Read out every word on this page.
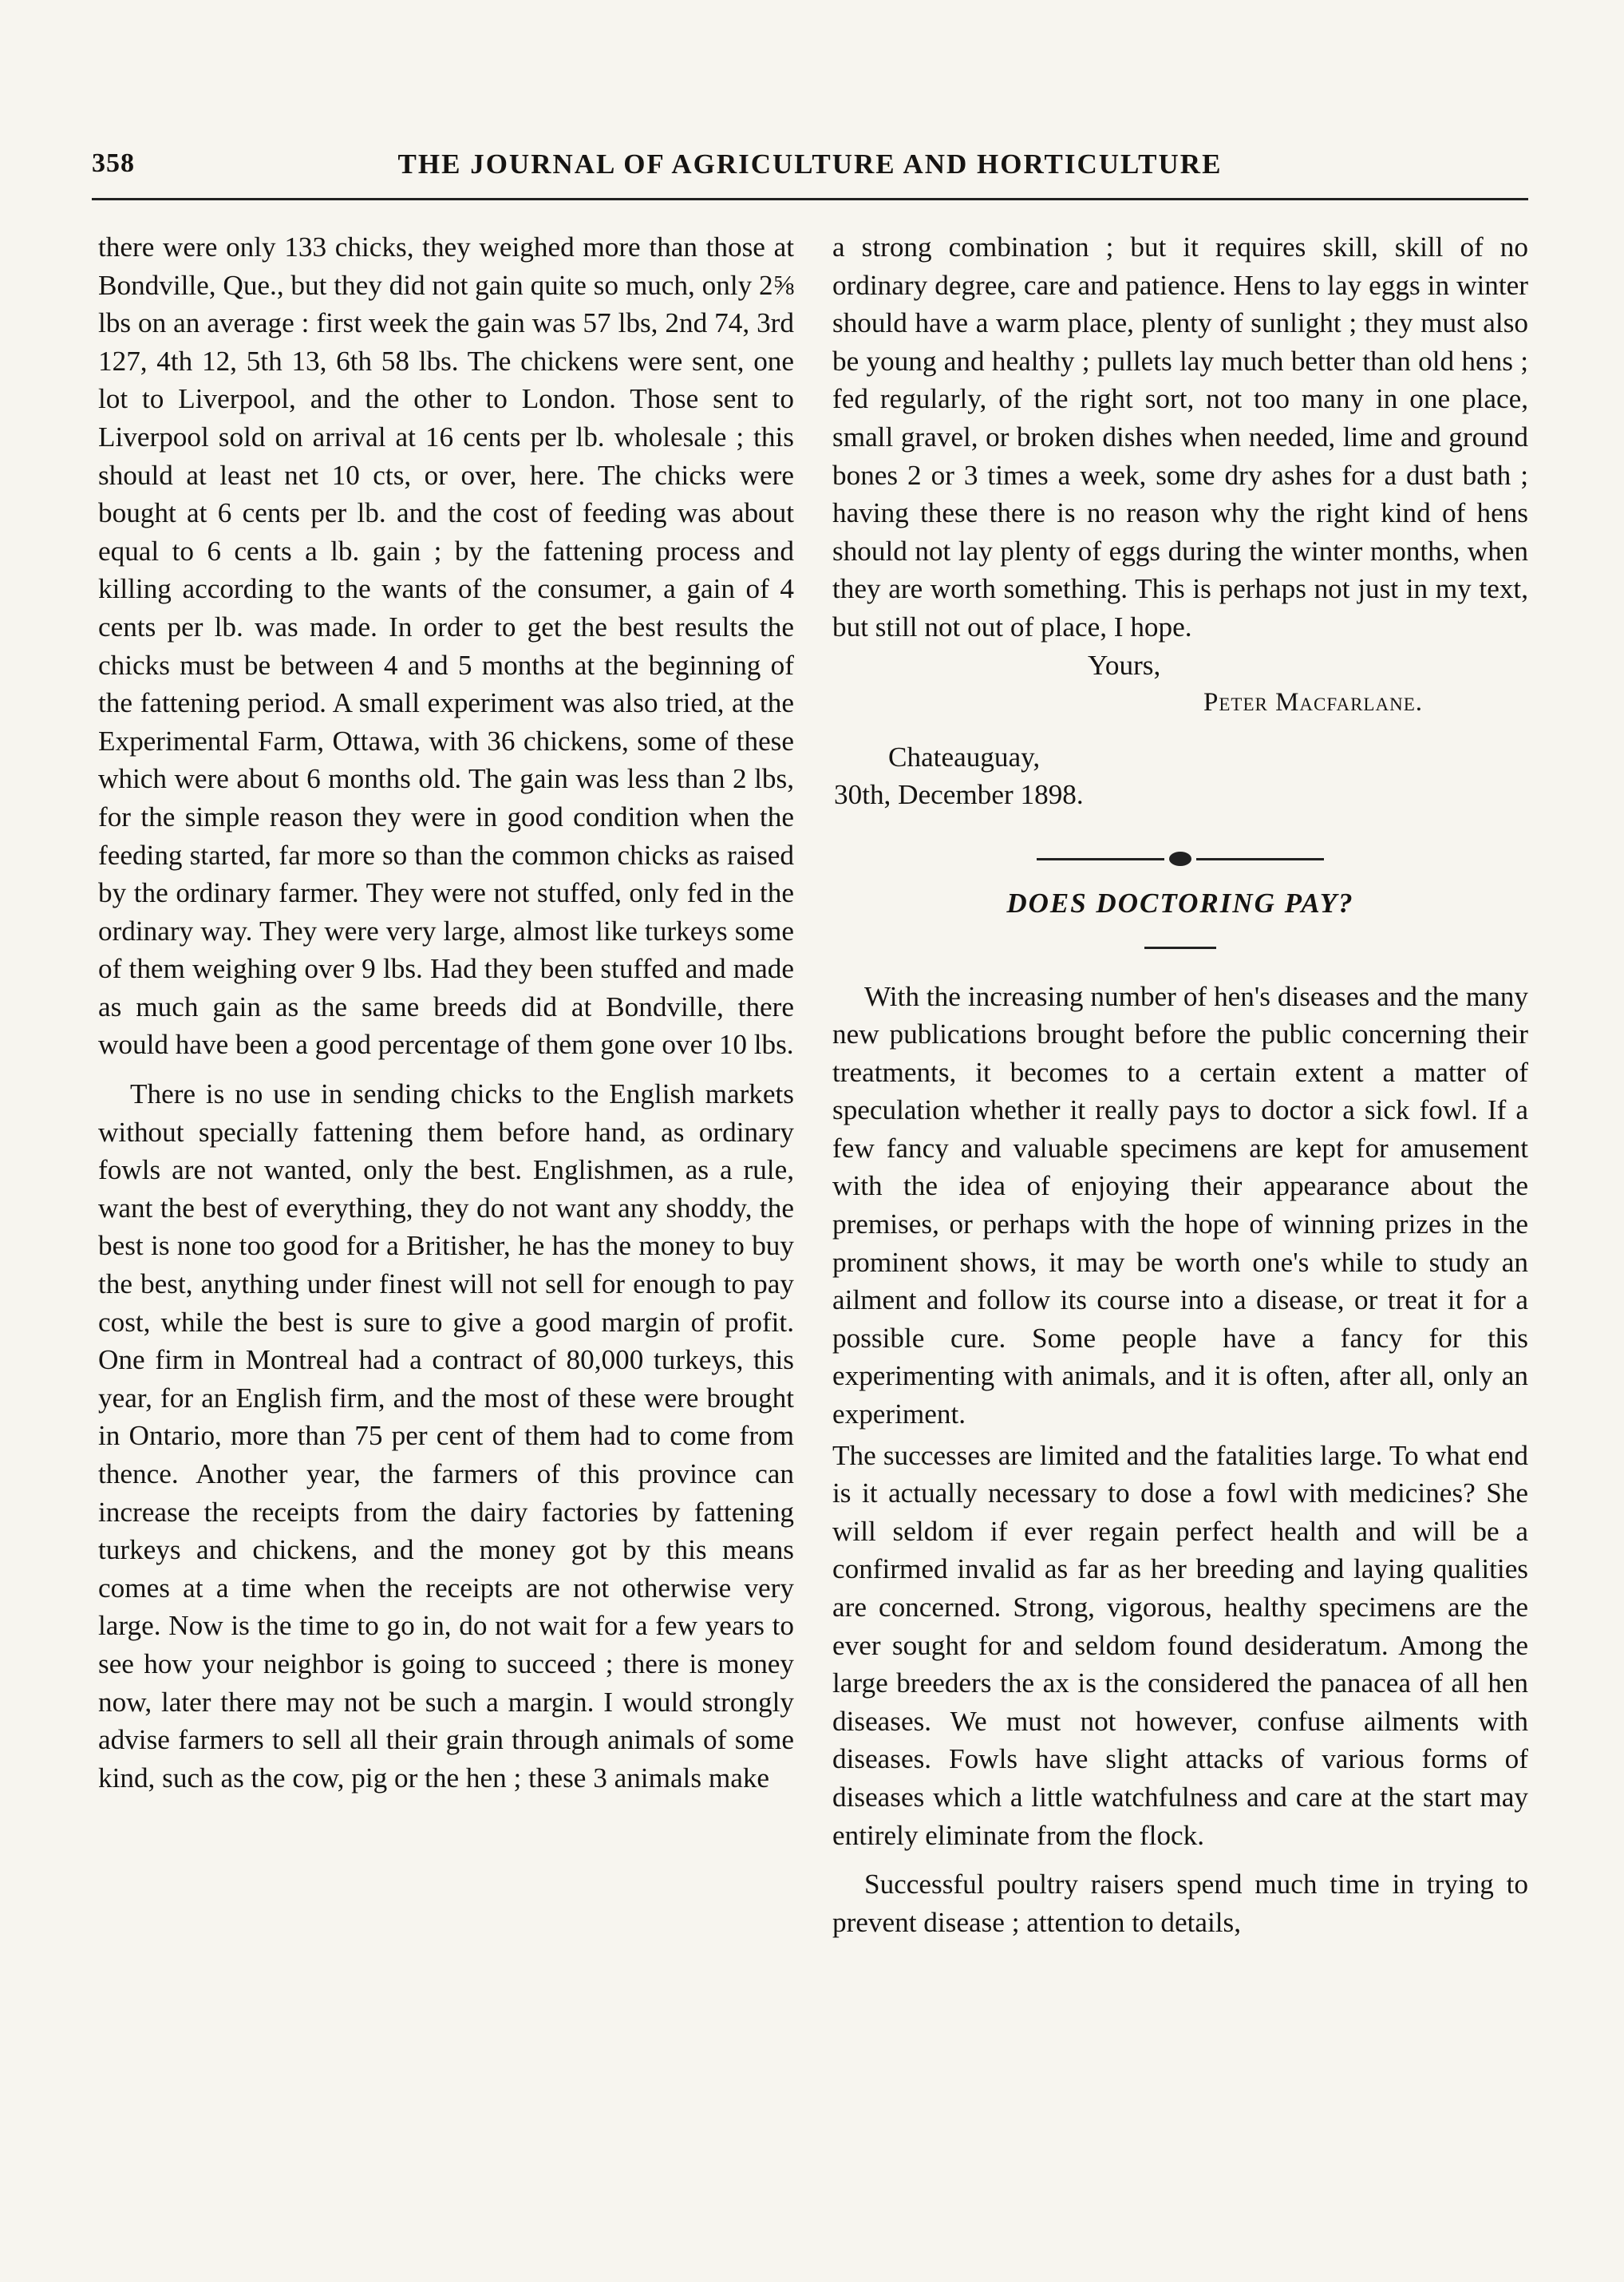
358	THE JOURNAL OF AGRICULTURE AND HORTICULTURE

there were only 133 chicks, they weighed more than those at Bondville, Que., but they did not gain quite so much, only 2⅝ lbs on an average : first week the gain was 57 lbs, 2nd 74, 3rd 127, 4th 12, 5th 13, 6th 58 lbs. The chickens were sent, one lot to Liverpool, and the other to London. Those sent to Liverpool sold on arrival at 16 cents per lb. wholesale ; this should at least net 10 cts, or over, here. The chicks were bought at 6 cents per lb. and the cost of feeding was about equal to 6 cents a lb. gain ; by the fattening process and killing according to the wants of the consumer, a gain of 4 cents per lb. was made. In order to get the best results the chicks must be between 4 and 5 months at the beginning of the fattening period. A small experiment was also tried, at the Experimental Farm, Ottawa, with 36 chickens, some of these which were about 6 months old. The gain was less than 2 lbs, for the simple reason they were in good condition when the feeding started, far more so than the common chicks as raised by the ordinary farmer. They were not stuffed, only fed in the ordinary way. They were very large, almost like turkeys some of them weighing over 9 lbs. Had they been stuffed and made as much gain as the same breeds did at Bondville, there would have been a good percentage of them gone over 10 lbs.

There is no use in sending chicks to the English markets without specially fattening them before hand, as ordinary fowls are not wanted, only the best. Englishmen, as a rule, want the best of everything, they do not want any shoddy, the best is none too good for a Britisher, he has the money to buy the best, anything under finest will not sell for enough to pay cost, while the best is sure to give a good margin of profit. One firm in Montreal had a contract of 80,000 turkeys, this year, for an English firm, and the most of these were brought in Ontario, more than 75 per cent of them had to come from thence. Another year, the farmers of this province can increase the receipts from the dairy factories by fattening turkeys and chickens, and the money got by this means comes at a time when the receipts are not otherwise very large. Now is the time to go in, do not wait for a few years to see how your neighbor is going to succeed ; there is money now, later there may not be such a margin. I would strongly advise farmers to sell all their grain through animals of some kind, such as the cow, pig or the hen ; these 3 animals make

a strong combination ; but it requires skill, skill of no ordinary degree, care and patience. Hens to lay eggs in winter should have a warm place, plenty of sunlight ; they must also be young and healthy ; pullets lay much better than old hens ; fed regularly, of the right sort, not too many in one place, small gravel, or broken dishes when needed, lime and ground bones 2 or 3 times a week, some dry ashes for a dust bath ; having these there is no reason why the right kind of hens should not lay plenty of eggs during the winter months, when they are worth something. This is perhaps not just in my text, but still not out of place, I hope.

Yours,

Peter Macfarlane.

Chateauguay,

30th, December 1898.

DOES DOCTORING PAY?

With the increasing number of hen's diseases and the many new publications brought before the public concerning their treatments, it becomes to a certain extent a matter of speculation whether it really pays to doctor a sick fowl. If a few fancy and valuable specimens are kept for amusement with the idea of enjoying their appearance about the premises, or perhaps with the hope of winning prizes in the prominent shows, it may be worth one's while to study an ailment and follow its course into a disease, or treat it for a possible cure. Some people have a fancy for this experimenting with animals, and it is often, after all, only an experiment.

The successes are limited and the fatalities large. To what end is it actually necessary to dose a fowl with medicines? She will seldom if ever regain perfect health and will be a confirmed invalid as far as her breeding and laying qualities are concerned. Strong, vigorous, healthy specimens are the ever sought for and seldom found desideratum. Among the large breeders the ax is the considered the panacea of all hen diseases. We must not however, confuse ailments with diseases. Fowls have slight attacks of various forms of diseases which a little watchfulness and care at the start may entirely eliminate from the flock.

Successful poultry raisers spend much time in trying to prevent disease ; attention to details,
